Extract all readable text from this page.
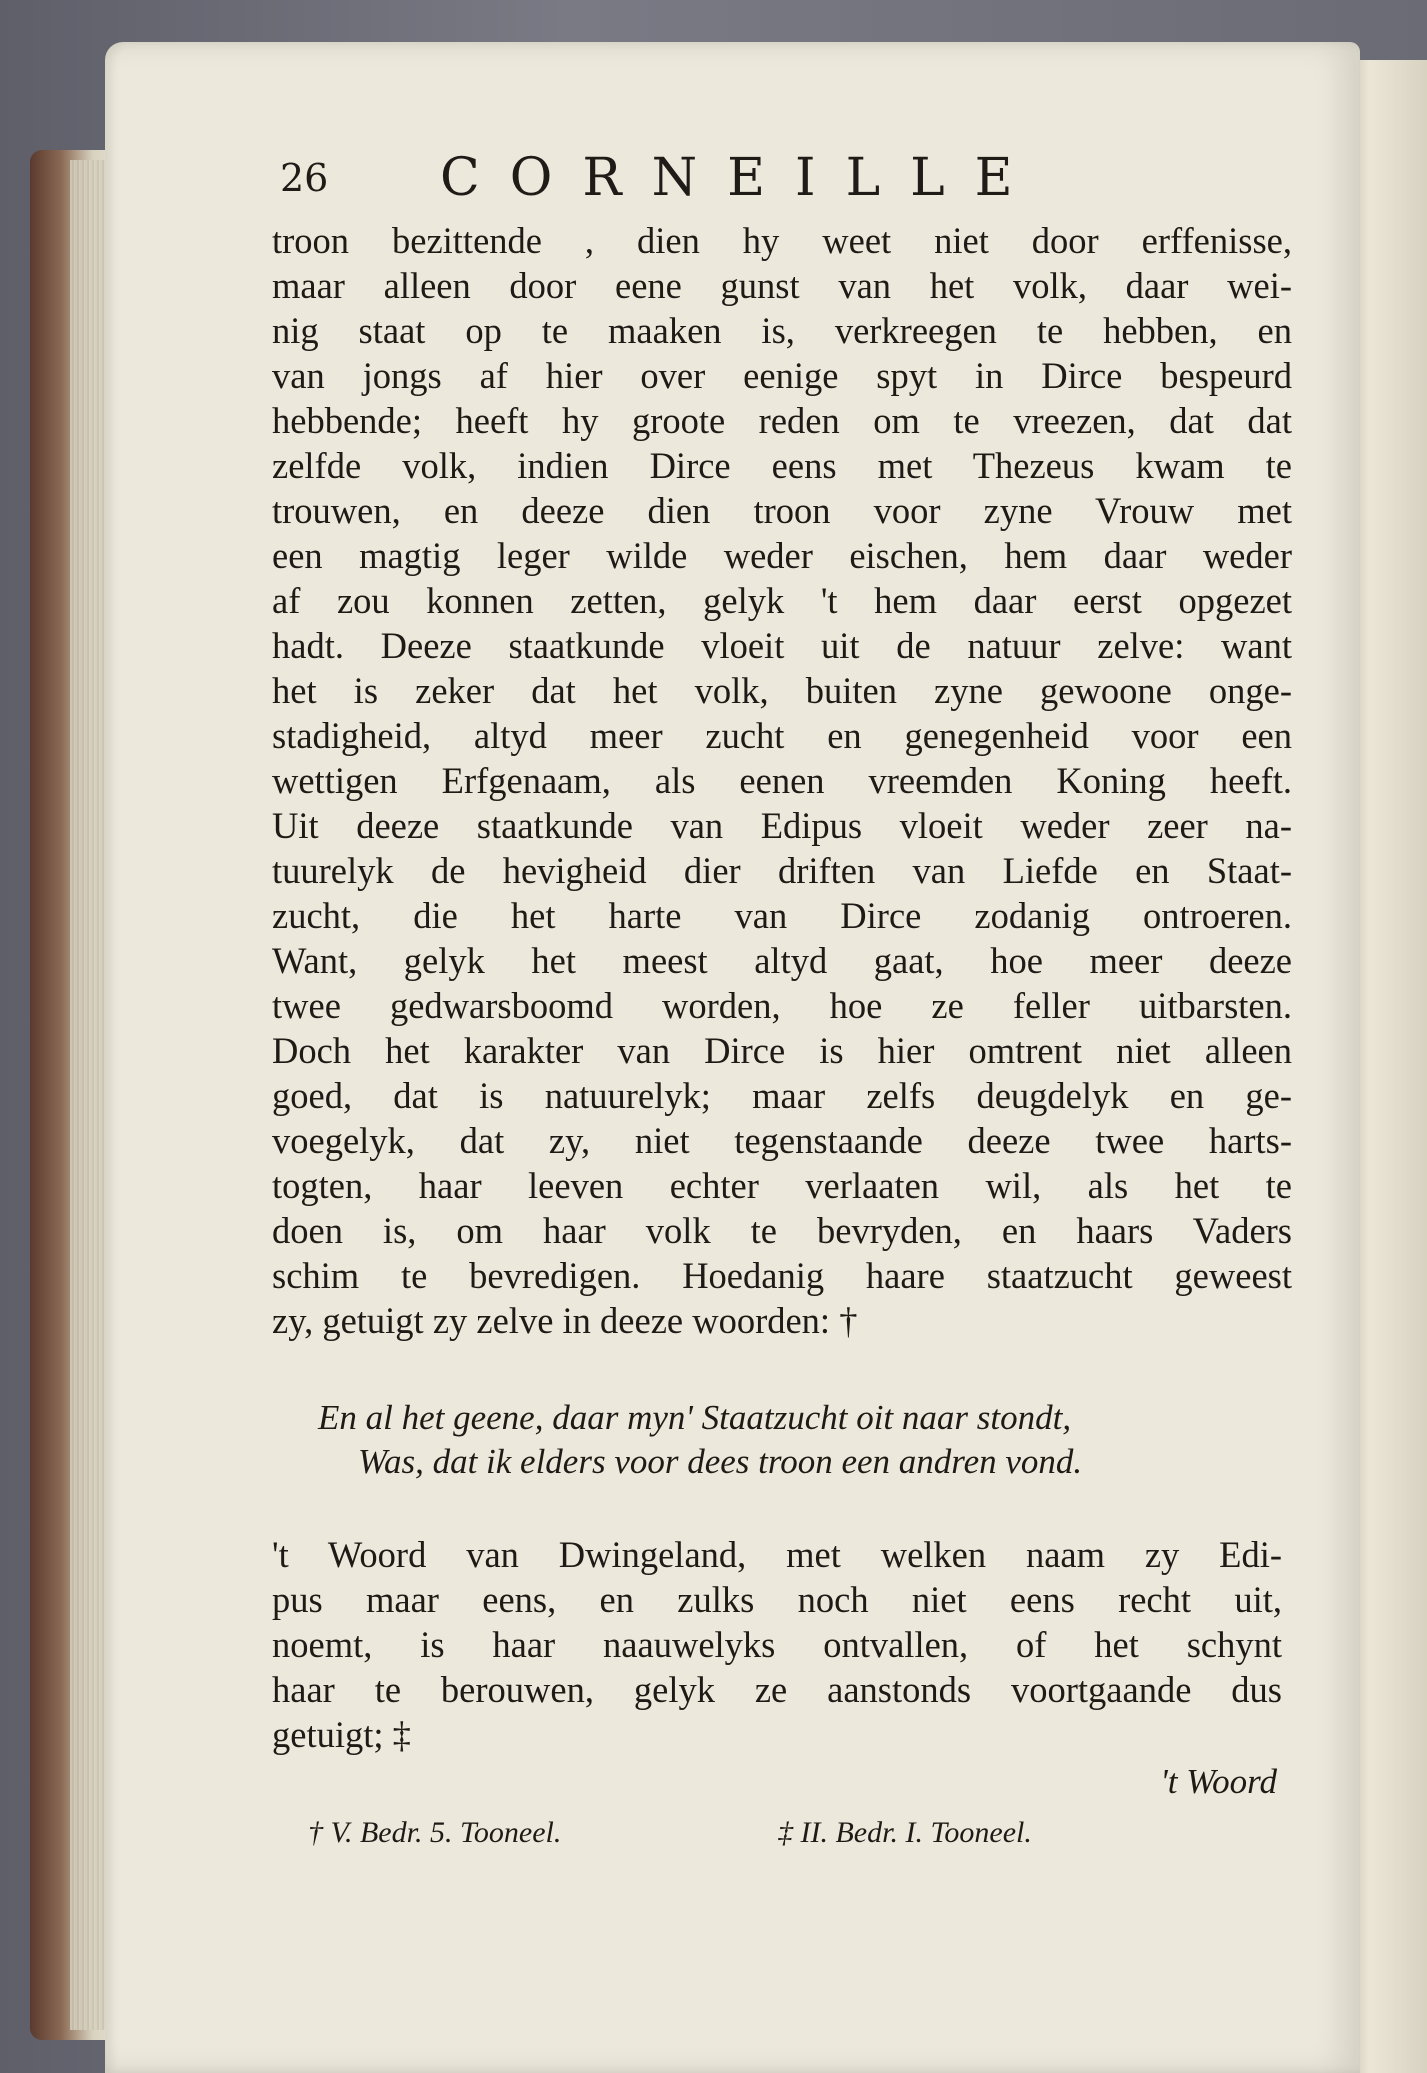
26 CORNEILLE
troon bezittende , dien hy weet niet door erffenisse,
maar alleen door eene gunst van het volk, daar wei-
nig staat op te maaken is, verkreegen te hebben, en
van jongs af hier over eenige spyt in Dirce bespeurd
hebbende; heeft hy groote reden om te vreezen, dat dat
zelfde volk, indien Dirce eens met Thezeus kwam te
trouwen, en deeze dien troon voor zyne Vrouw met
een magtig leger wilde weder eischen, hem daar weder
af zou konnen zetten, gelyk 't hem daar eerst opgezet
hadt. Deeze staatkunde vloeit uit de natuur zelve: want
het is zeker dat het volk, buiten zyne gewoone onge-
stadigheid, altyd meer zucht en genegenheid voor een
wettigen Erfgenaam, als eenen vreemden Koning heeft.
Uit deeze staatkunde van Edipus vloeit weder zeer na-
tuurelyk de hevigheid dier driften van Liefde en Staat-
zucht, die het harte van Dirce zodanig ontroeren.
Want, gelyk het meest altyd gaat, hoe meer deeze
twee gedwarsboomd worden, hoe ze feller uitbarsten.
Doch het karakter van Dirce is hier omtrent niet alleen
goed, dat is natuurelyk; maar zelfs deugdelyk en ge-
voegelyk, dat zy, niet tegenstaande deeze twee harts-
togten, haar leeven echter verlaaten wil, als het te
doen is, om haar volk te bevryden, en haars Vaders
schim te bevredigen. Hoedanig haare staatzucht geweest
zy, getuigt zy zelve in deeze woorden: †
En al het geene, daar myn' Staatzucht oit naar stondt,
Was, dat ik elders voor dees troon een andren vond.
't Woord van Dwingeland, met welken naam zy Edi-
pus maar eens, en zulks noch niet eens recht uit,
noemt, is haar naauwelyks ontvallen, of het schynt
haar te berouwen, gelyk ze aanstonds voortgaande dus
getuigt; ‡
't Woord
† V. Bedr. 5. Tooneel.	‡ II. Bedr. I. Tooneel.
